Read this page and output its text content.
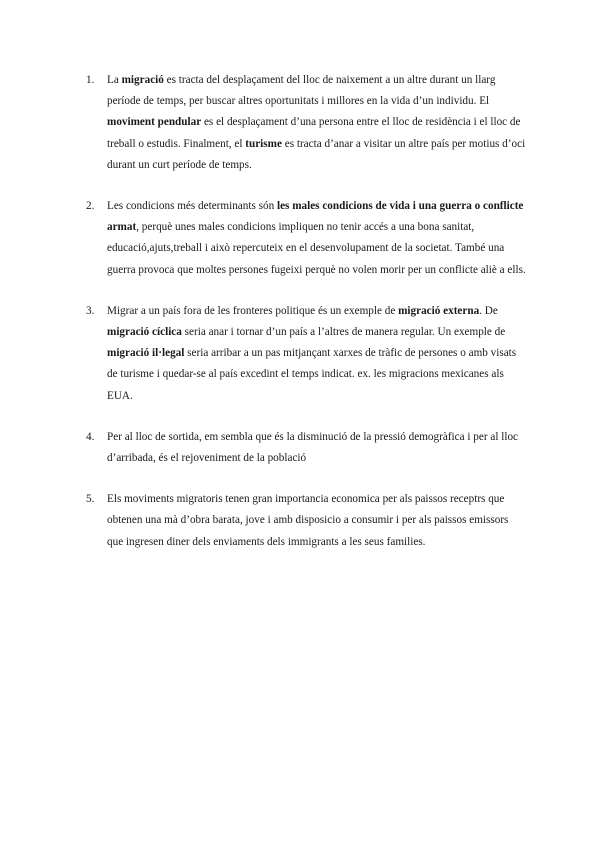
1. La migració es tracta del desplaçament del lloc de naixement a un altre durant un llarg període de temps, per buscar altres oportunitats i millores en la vida d’un individu. El moviment pendular es el desplaçament d’una persona entre el lloc de residència i el lloc de treball o estudis. Finalment, el turisme es tracta d’anar a visitar un altre país per motius d’oci durant un curt període de temps.
2. Les condicions més determinants són les males condicions de vida i una guerra o conflicte armat, perquè unes males condicions impliquen no tenir accés a una bona sanitat, educació,ajuts,treball i això repercuteix en el desenvolupament de la societat. També una guerra provoca que moltes persones fugeixi perquè no volen morir per un conflicte aliè a ells.
3. Migrar a un país fora de les fronteres politique és un exemple de migració externa. De migració cíclica seria anar i tornar d’un país a l’altres de manera regular. Un exemple de migració il·legal seria arribar a un pas mitjançant xarxes de tràfic de persones o amb visats de turisme i quedar-se al país excedint el temps indicat. ex. les migracions mexicanes als EUA.
4. Per al lloc de sortida, em sembla que és la disminució de la pressió demogràfica i per al lloc d’arribada, és el rejoveniment de la població
5. Els moviments migratoris tenen gran importancia economica per als paissos receptrs que obtenen una mà d’obra barata, jove i amb disposicio a consumir i per als paissos emissors que ingresen diner dels enviaments dels immigrants a les seus families.
